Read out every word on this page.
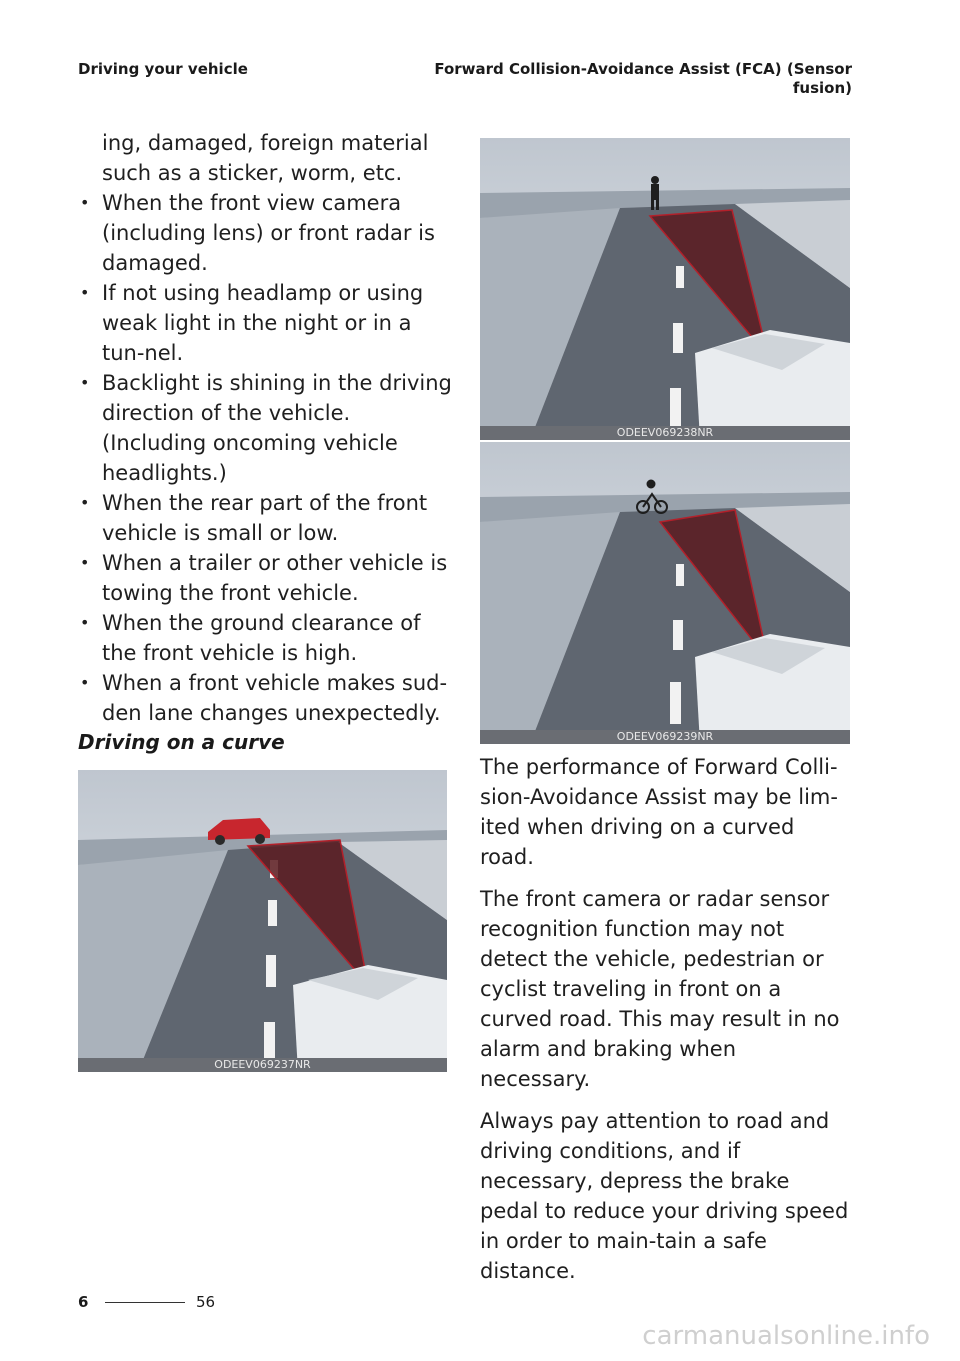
Driving your vehicle	Forward Collision-Avoidance Assist (FCA) (Sensor
fusion)

ing, damaged, foreign material such as a sticker, worm, etc.

• When the front view camera (including lens) or front radar is damaged.
• If not using headlamp or using weak light in the night or in a tun-nel.
• Backlight is shining in the driving direction of the vehicle. (Including oncoming vehicle headlights.)
• When the rear part of the front vehicle is small or low.
• When a trailer or other vehicle is towing the front vehicle.
• When the ground clearance of the front vehicle is high.
• When a front vehicle makes sud-den lane changes unexpectedly.
Driving on a curve
ODEEV069237NR
ODEEV069238NR
ODEEV069239NR

The performance of Forward Colli-sion-Avoidance Assist may be lim-ited when driving on a curved road.

The front camera or radar sensor recognition function may not detect the vehicle, pedestrian or cyclist traveling in front on a curved road. This may result in no alarm and braking when necessary.

Always pay attention to road and driving conditions, and if necessary, depress the brake pedal to reduce your driving speed in order to main-tain a safe distance.

6	56
carmanualsonline.info
